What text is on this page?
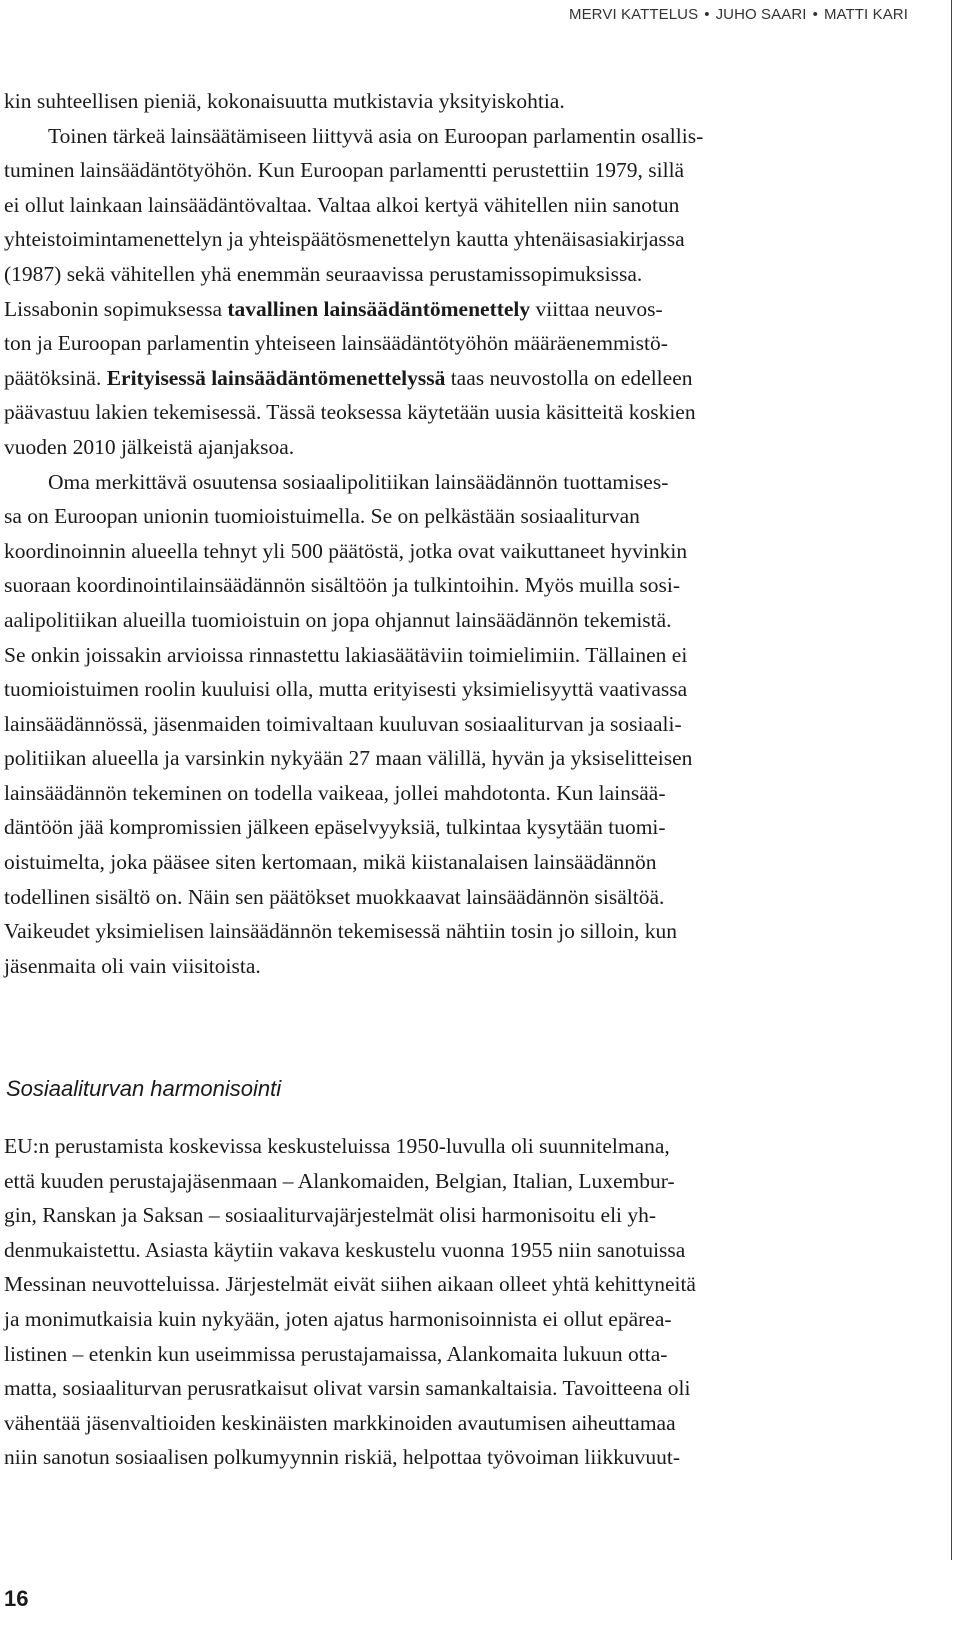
MERVI KATTELUS • JUHO SAARI • MATTI KARI
kin suhteellisen pieniä, kokonaisuutta mutkistavia yksityiskohtia.
Toinen tärkeä lainsäätämiseen liittyvä asia on Euroopan parlamentin osallis-
tuminen lainsäädäntötyöhön. Kun Euroopan parlamentti perustettiin 1979, sillä
ei ollut lainkaan lainsäädäntövaltaa. Valtaa alkoi kertyä vähitellen niin sanotun
yhteistoimintamenettelyn ja yhteispäätösmenettelyn kautta yhtenäisasiakirjassa
(1987) sekä vähitellen yhä enemmän seuraavissa perustamissopimuksissa.
Lissabonin sopimuksessa tavallinen lainsäädäntömenettely viittaa neuvos-
ton ja Euroopan parlamentin yhteiseen lainsäädäntötyöhön määräenemmistö-
päätöksinä. Erityisessä lainsäädäntömenettelyssä taas neuvostolla on edelleen
päävastuu lakien tekemisessä. Tässä teoksessa käytetään uusia käsitteitä koskien
vuoden 2010 jälkeistä ajanjaksoa.
Oma merkittävä osuutensa sosiaalipolitiikan lainsäädännön tuottamises-
sa on Euroopan unionin tuomioistuimella. Se on pelkästään sosiaaliturvan
koordinoinnin alueella tehnyt yli 500 päätöstä, jotka ovat vaikuttaneet hyvinkin
suoraan koordinointilainsäädännön sisältöön ja tulkintoihin. Myös muilla sosi-
aalipolitiikan alueilla tuomioistuin on jopa ohjannut lainsäädännön tekemistä.
Se onkin joissakin arvioissa rinnastettu lakiasäätäviin toimielimiin. Tällainen ei
tuomioistuimen roolin kuuluisi olla, mutta erityisesti yksimielisyyttä vaativassa
lainsäädännössä, jäsenmaiden toimivaltaan kuuluvan sosiaaliturvan ja sosiaali-
politiikan alueella ja varsinkin nykyään 27 maan välillä, hyvän ja yksiselitteisen
lainsäädännön tekeminen on todella vaikeaa, jollei mahdotonta. Kun lainsää-
däntöön jää kompromissien jälkeen epäselvyyksiä, tulkintaa kysytään tuomi-
oistuimelta, joka pääsee siten kertomaan, mikä kiistanalaisen lainsäädännön
todellinen sisältö on. Näin sen päätökset muokkaavat lainsäädännön sisältöä.
Vaikeudet yksimielisen lainsäädännön tekemisessä nähtiin tosin jo silloin, kun
jäsenmaita oli vain viisitoista.
Sosiaaliturvan harmonisointi
EU:n perustamista koskevissa keskusteluissa 1950-luvulla oli suunnitelmana,
että kuuden perustajajäsenmaan – Alankomaiden, Belgian, Italian, Luxembur-
gin, Ranskan ja Saksan – sosiaaliturvajärjestelmät olisi harmonisoitu eli yh-
denmukaistettu. Asiasta käytiin vakava keskustelu vuonna 1955 niin sanotuissa
Messinan neuvotteluissa. Järjestelmät eivät siihen aikaan olleet yhtä kehittyneitä
ja monimutkaisia kuin nykyään, joten ajatus harmonisoinnista ei ollut epärea-
listinen – etenkin kun useimmissa perustajamaissa, Alankomaita lukuun otta-
matta, sosiaaliturvan perusratkaisut olivat varsin samankaltaisia. Tavoitteena oli
vähentää jäsenvaltioiden keskinäisten markkinoiden avautumisen aiheuttamaa
niin sanotun sosiaalisen polkumyynnin riskiä, helpottaa työvoiman liikkuvuut-
16
